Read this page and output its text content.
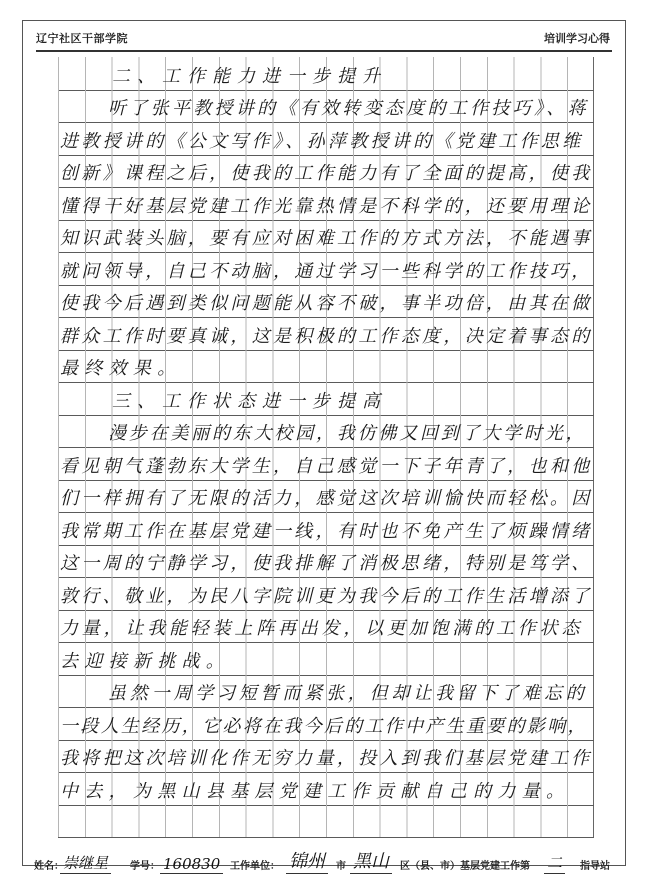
辽宁社区干部学院	培训学习心得
二、工作能力进一步提升
听了张平教授讲的《有效转变态度的工作技巧》、蒋
进教授讲的《公文写作》、孙萍教授讲的《党建工作思维
创新》课程之后，使我的工作能力有了全面的提高，使我
懂得干好基层党建工作光靠热情是不科学的，还要用理论
知识武装头脑，要有应对困难工作的方式方法，不能遇事
就问领导，自己不动脑，通过学习一些科学的工作技巧，
使我今后遇到类似问题能从容不破，事半功倍，由其在做
群众工作时要真诚，这是积极的工作态度，决定着事态的
最终效果。
三、工作状态进一步提高
漫步在美丽的东大校园，我仿佛又回到了大学时光，
看见朝气蓬勃东大学生，自己感觉一下子年青了，也和他
们一样拥有了无限的活力，感觉这次培训愉快而轻松。因
我常期工作在基层党建一线，有时也不免产生了烦躁情绪
这一周的宁静学习，使我排解了消极思绪，特别是笃学、
敦行、敬业，为民八字院训更为我今后的工作生活增添了
力量，让我能轻装上阵再出发，以更加饱满的工作状态
去迎接新挑战。
虽然一周学习短暂而紧张，但却让我留下了难忘的
一段人生经历，它必将在我今后的工作中产生重要的影响，
我将把这次培训化作无穷力量，投入到我们基层党建工作
中去，为黑山县基层党建工作贡献自己的力量。
姓名： 崇继星	学号： 160830 工作单位： 锦州	市 黑山	区（县、市）基层党建工作第 二	指导站
